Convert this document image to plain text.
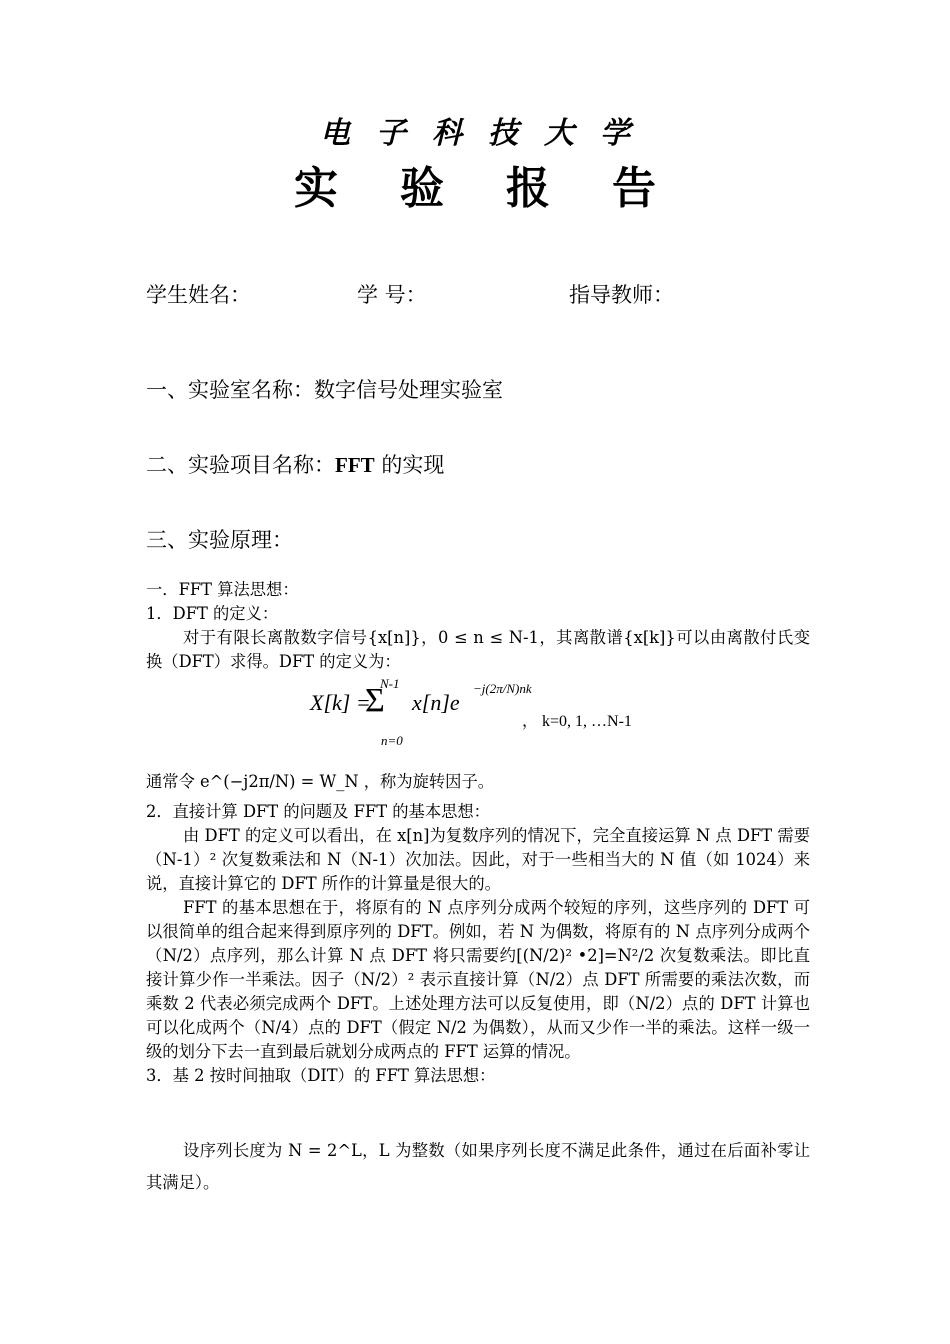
电子科技大学
实验报告
学生姓名：	学 号：	指导教师：
一、实验室名称：数字信号处理实验室
二、实验项目名称：FFT 的实现
三、实验原理：

一．FFT 算法思想：

1．DFT 的定义：

对于有限长离散数字信号{x[n]}，0 ≤ n ≤ N-1，其离散谱{x[k]}可以由离散付氏变换（DFT）求得。DFT 的定义为：

X[k] =
N-1
Σ x[n]e
−j(2π/N)nk
n=0
， k=0, 1, …N-1
通常令 e^(−j2π/N) = W_N ，称为旋转因子。

2．直接计算 DFT 的问题及 FFT 的基本思想：

由 DFT 的定义可以看出，在 x[n]为复数序列的情况下，完全直接运算 N 点 DFT 需要（N-1）² 次复数乘法和 N（N-1）次加法。因此，对于一些相当大的 N 值（如 1024）来说，直接计算它的 DFT 所作的计算量是很大的。

FFT 的基本思想在于，将原有的 N 点序列分成两个较短的序列，这些序列的 DFT 可以很简单的组合起来得到原序列的 DFT。例如，若 N 为偶数，将原有的 N 点序列分成两个（N/2）点序列，那么计算 N 点 DFT 将只需要约[(N/2)² •2]=N²/2 次复数乘法。即比直接计算少作一半乘法。因子（N/2）² 表示直接计算（N/2）点 DFT 所需要的乘法次数，而乘数 2 代表必须完成两个 DFT。上述处理方法可以反复使用，即（N/2）点的 DFT 计算也可以化成两个（N/4）点的 DFT（假定 N/2 为偶数），从而又少作一半的乘法。这样一级一级的划分下去一直到最后就划分成两点的 FFT 运算的情况。

3．基 2 按时间抽取（DIT）的 FFT 算法思想：

设序列长度为 N = 2^L，L 为整数（如果序列长度不满足此条件，通过在后面补零让其满足）。
